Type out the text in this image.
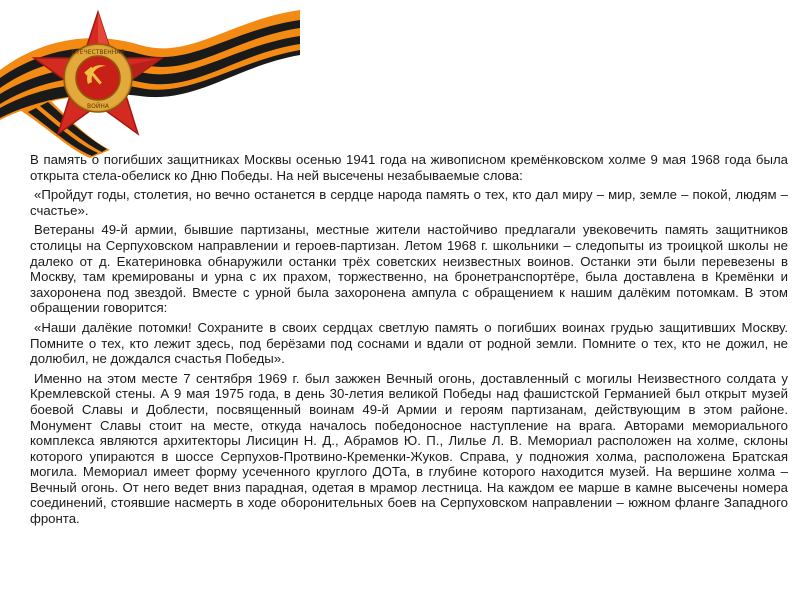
ОТЕЧЕСТВЕННАЯ
ВОЙНА

В память о погибших защитниках Москвы осенью 1941 года на живописном кремёнковском холме 9 мая 1968 года была открыта стела-обелиск ко Дню Победы. На ней высечены незабываемые слова:

«Пройдут годы, столетия, но вечно останется в сердце народа память о тех, кто дал миру – мир, земле – покой, людям – счастье».

Ветераны 49-й армии, бывшие партизаны, местные жители настойчиво предлагали увековечить память защитников столицы на Серпуховском направлении и героев-партизан. Летом 1968 г. школьники – следопыты из троицкой школы не далеко от д. Екатериновка обнаружили останки трёх советских неизвестных воинов. Останки эти были перевезены в Москву, там кремированы и урна с их прахом, торжественно, на бронетранспортёре, была доставлена в Кремёнки и захоронена под звездой. Вместе с урной была захоронена ампула с обращением к нашим далёким потомкам. В этом обращении говорится:

«Наши далёкие потомки! Сохраните в своих сердцах светлую память о погибших воинах грудью защитивших Москву. Помните о тех, кто лежит здесь, под берёзами под соснами и вдали от родной земли. Помните о тех, кто не дожил, не долюбил, не дождался счастья Победы».

Именно на этом месте 7 сентября 1969 г. был зажжен Вечный огонь, доставленный с могилы Неизвестного солдата у Кремлевской стены. А 9 мая 1975 года, в день 30-летия великой Победы над фашистской Германией был открыт музей боевой Славы и Доблести, посвященный воинам 49-й Армии и героям партизанам, действующим в этом районе. Монумент Славы стоит на месте, откуда началось победоносное наступление на врага. Авторами мемориального комплекса являются архитекторы Лисицин Н. Д., Абрамов Ю. П., Лилье Л. В. Мемориал расположен на холме, склоны которого упираются в шоссе Серпухов-Протвино-Кременки-Жуков. Справа, у подножия холма, расположена Братская могила. Мемориал имеет форму усеченного круглого ДОТа, в глубине которого находится музей. На вершине холма – Вечный огонь. От него ведет вниз парадная, одетая в мрамор лестница. На каждом ее марше в камне высечены номера соединений, стоявшие насмерть в ходе оборонительных боев на Серпуховском направлении – южном фланге Западного фронта.
